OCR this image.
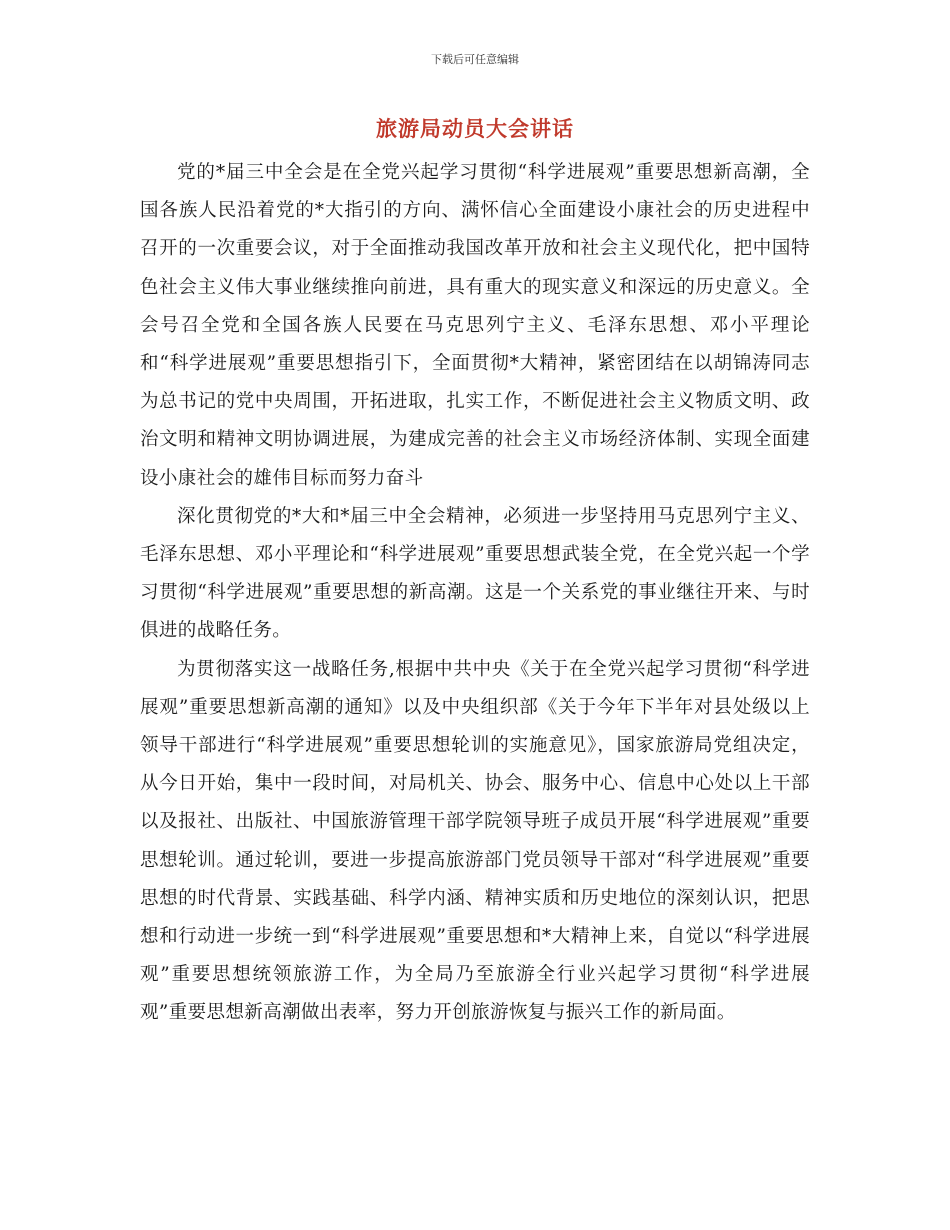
下载后可任意编辑
旅游局动员大会讲话

党的*届三中全会是在全党兴起学习贯彻“科学进展观”重要思想新高潮，全国各族人民沿着党的*大指引的方向、满怀信心全面建设小康社会的历史进程中召开的一次重要会议，对于全面推动我国改革开放和社会主义现代化，把中国特色社会主义伟大事业继续推向前进，具有重大的现实意义和深远的历史意义。全会号召全党和全国各族人民要在马克思列宁主义、毛泽东思想、邓小平理论和“科学进展观”重要思想指引下，全面贯彻*大精神，紧密团结在以胡锦涛同志为总书记的党中央周围，开拓进取，扎实工作，不断促进社会主义物质文明、政治文明和精神文明协调进展，为建成完善的社会主义市场经济体制、实现全面建设小康社会的雄伟目标而努力奋斗

深化贯彻党的*大和*届三中全会精神，必须进一步坚持用马克思列宁主义、毛泽东思想、邓小平理论和“科学进展观”重要思想武装全党，在全党兴起一个学习贯彻“科学进展观”重要思想的新高潮。这是一个关系党的事业继往开来、与时俱进的战略任务。

为贯彻落实这一战略任务,根据中共中央《关于在全党兴起学习贯彻“科学进展观”重要思想新高潮的通知》以及中央组织部《关于今年下半年对县处级以上领导干部进行“科学进展观”重要思想轮训的实施意见》，国家旅游局党组决定，从今日开始，集中一段时间，对局机关、协会、服务中心、信息中心处以上干部以及报社、出版社、中国旅游管理干部学院领导班子成员开展“科学进展观”重要思想轮训。通过轮训，要进一步提高旅游部门党员领导干部对“科学进展观”重要思想的时代背景、实践基础、科学内涵、精神实质和历史地位的深刻认识，把思想和行动进一步统一到“科学进展观”重要思想和*大精神上来，自觉以“科学进展观”重要思想统领旅游工作，为全局乃至旅游全行业兴起学习贯彻“科学进展观”重要思想新高潮做出表率，努力开创旅游恢复与振兴工作的新局面。
